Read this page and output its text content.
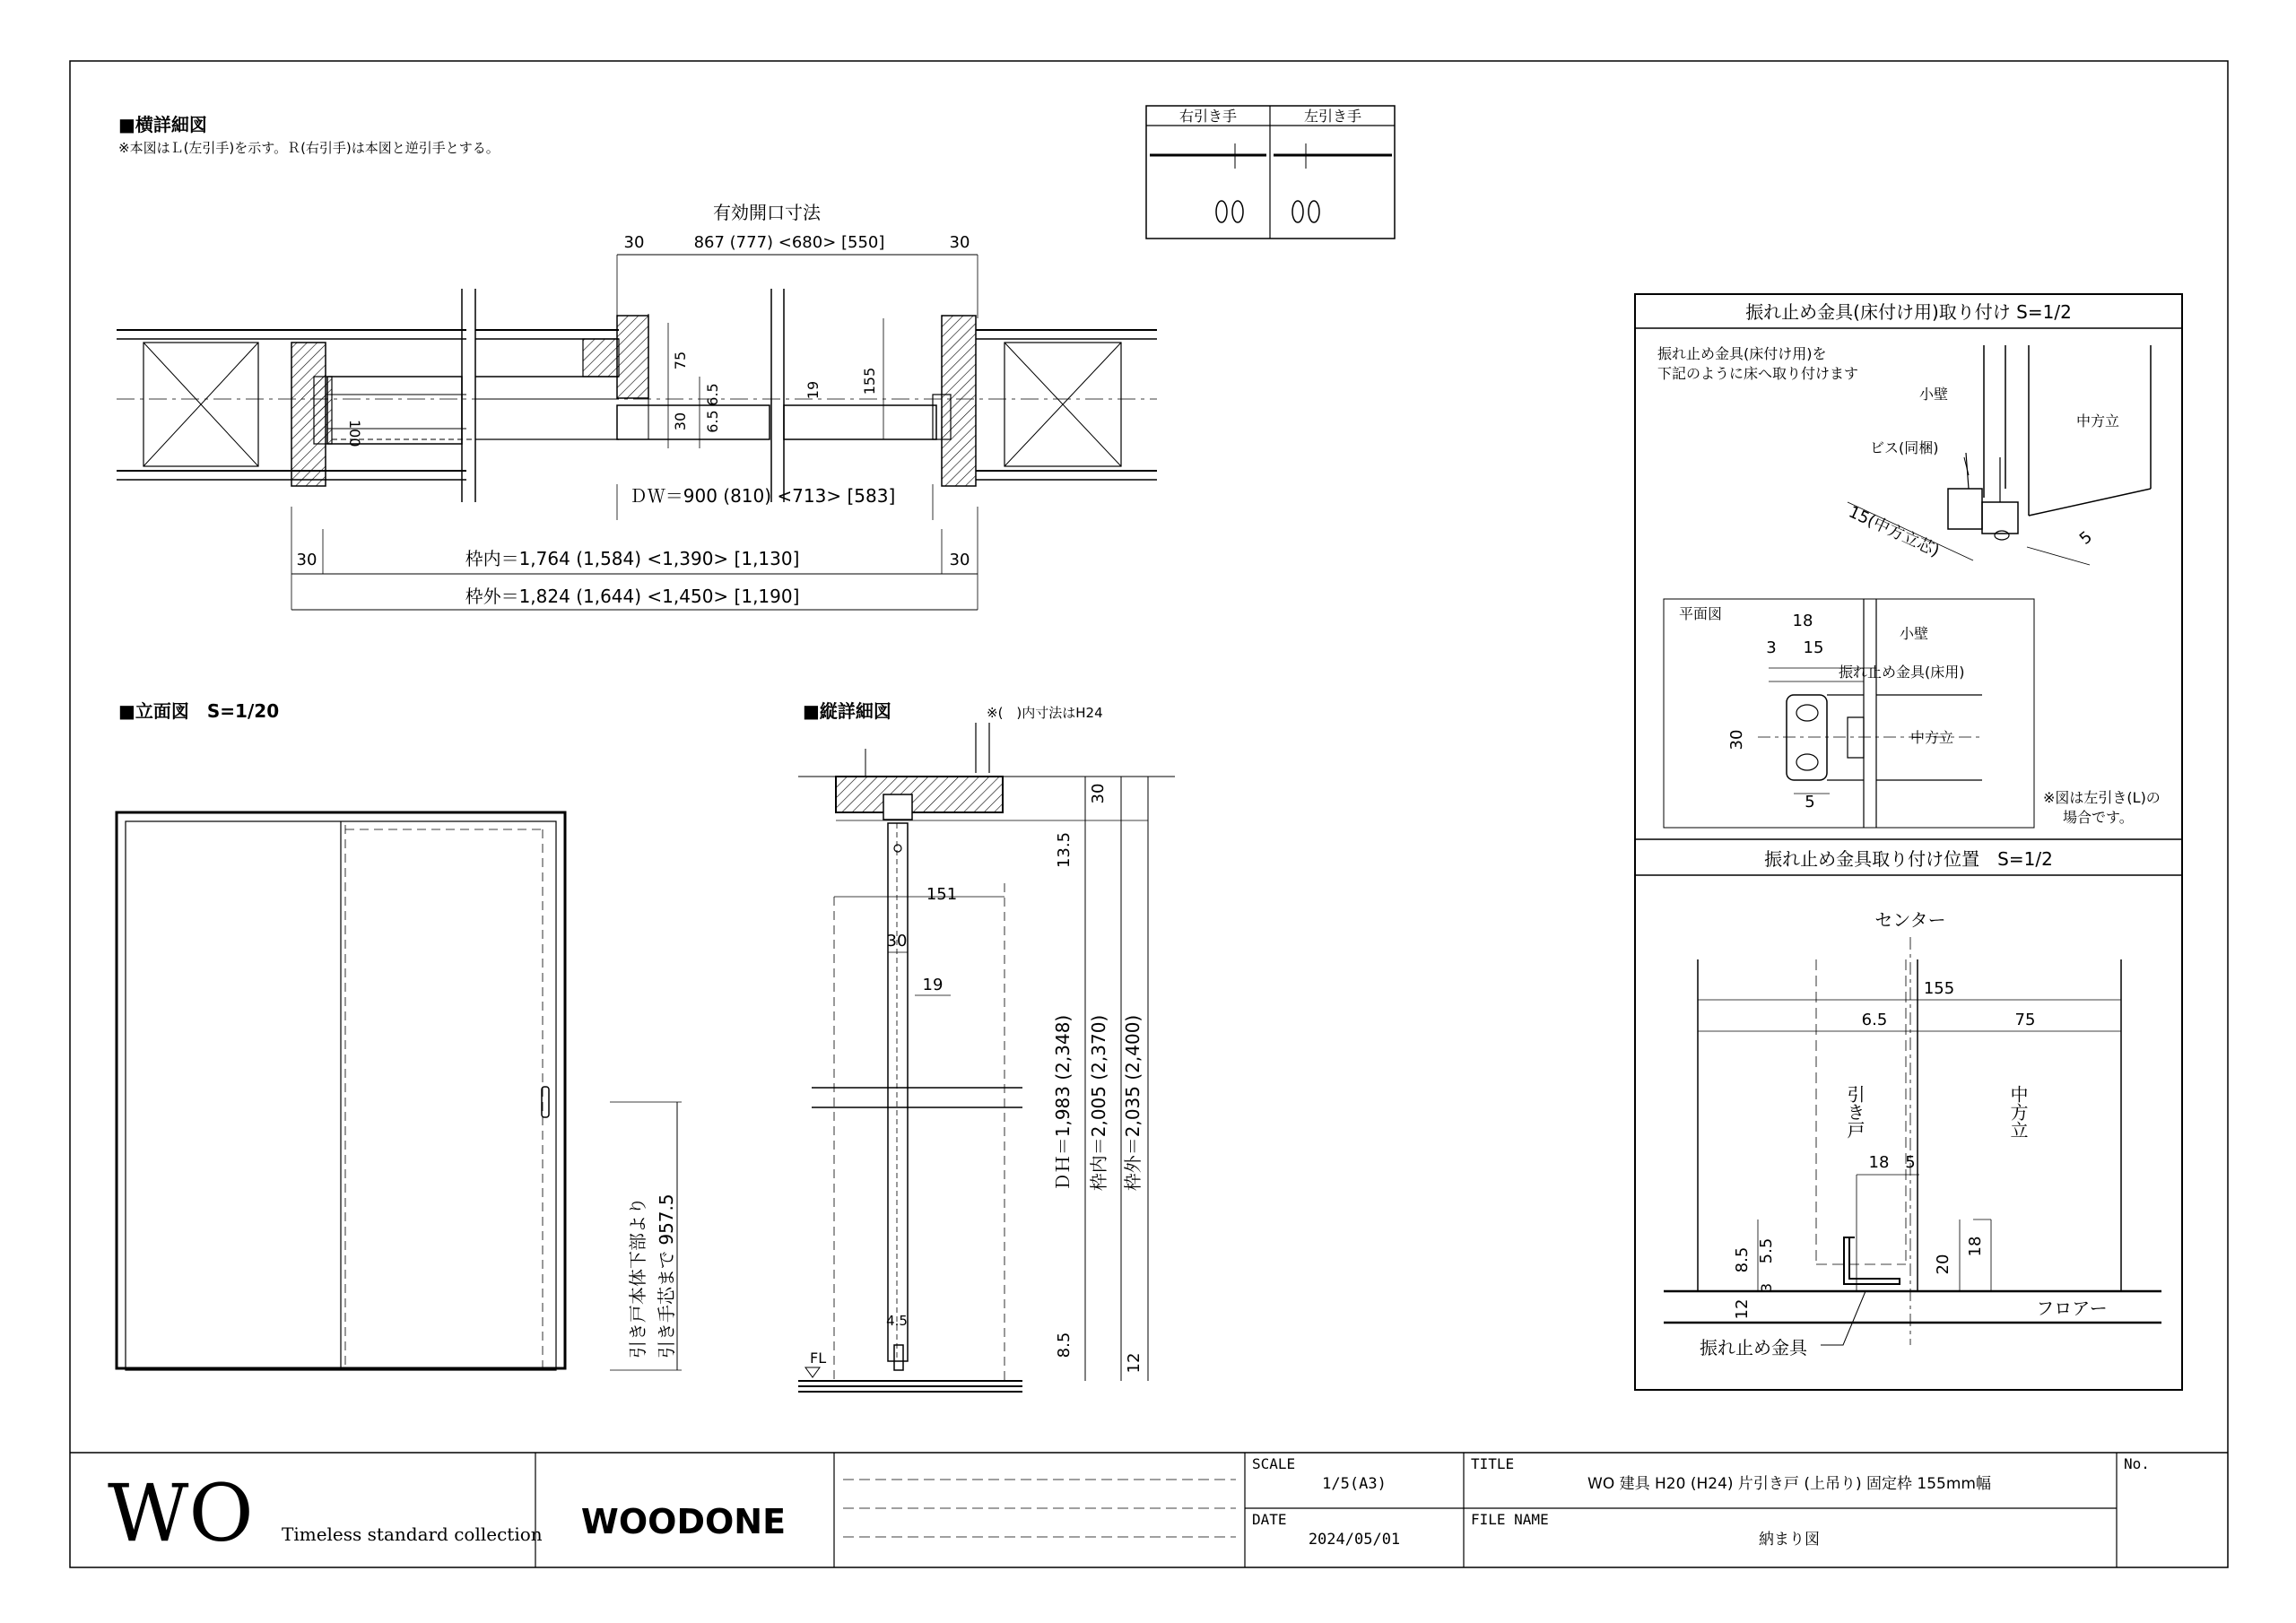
■横詳細図
※本図はＬ(左引手)を示す。Ｒ(右引手)は本図と逆引手とする。
有効開口寸法
30	867 (777) <680> [550]	30
100
75
6.5
30 6.5
19	155
ＤＷ＝900 (810) <713> [583]
30	枠内＝1,764 (1,584) <1,390> [1,130]	30
枠外＝1,824 (1,644) <1,450> [1,190]
右引き手	左引き手
■立面図　S=1/20
引き戸本体下部より 引き手芯まで 957.5
■縦詳細図	※(　)内寸法はH24
151
30
19
4.5
FL
30
13.5
ＤＨ＝1,983 (2,348) 枠内＝2,005 (2,370) 枠外＝2,035 (2,400)
8.5
12
振れ止め金具(床付け用)取り付け S=1/2
振れ止め金具(床付け用)を
下記のように床へ取り付けます
小壁
中方立
ビス(同梱)
15(中方立芯)	5
平面図	18
3 15
小壁
振れ止め金具(床用)
30	中方立
5	※図は左引き(L)の
場合です。
振れ止め金具取り付け位置　S=1/2
センター
155
6.5	75
引き戸	中方立
18 5
8.5 5.5
3
20
18
12	フロアー
振れ止め金具
WO Timeless standard collection WOODONE
SCALE
1/5(A3)
DATE
2024/05/01
TITLE
WO 建具 H20 (H24) 片引き戸 (上吊り) 固定枠 155mm幅
FILE NAME
納まり図
No.
